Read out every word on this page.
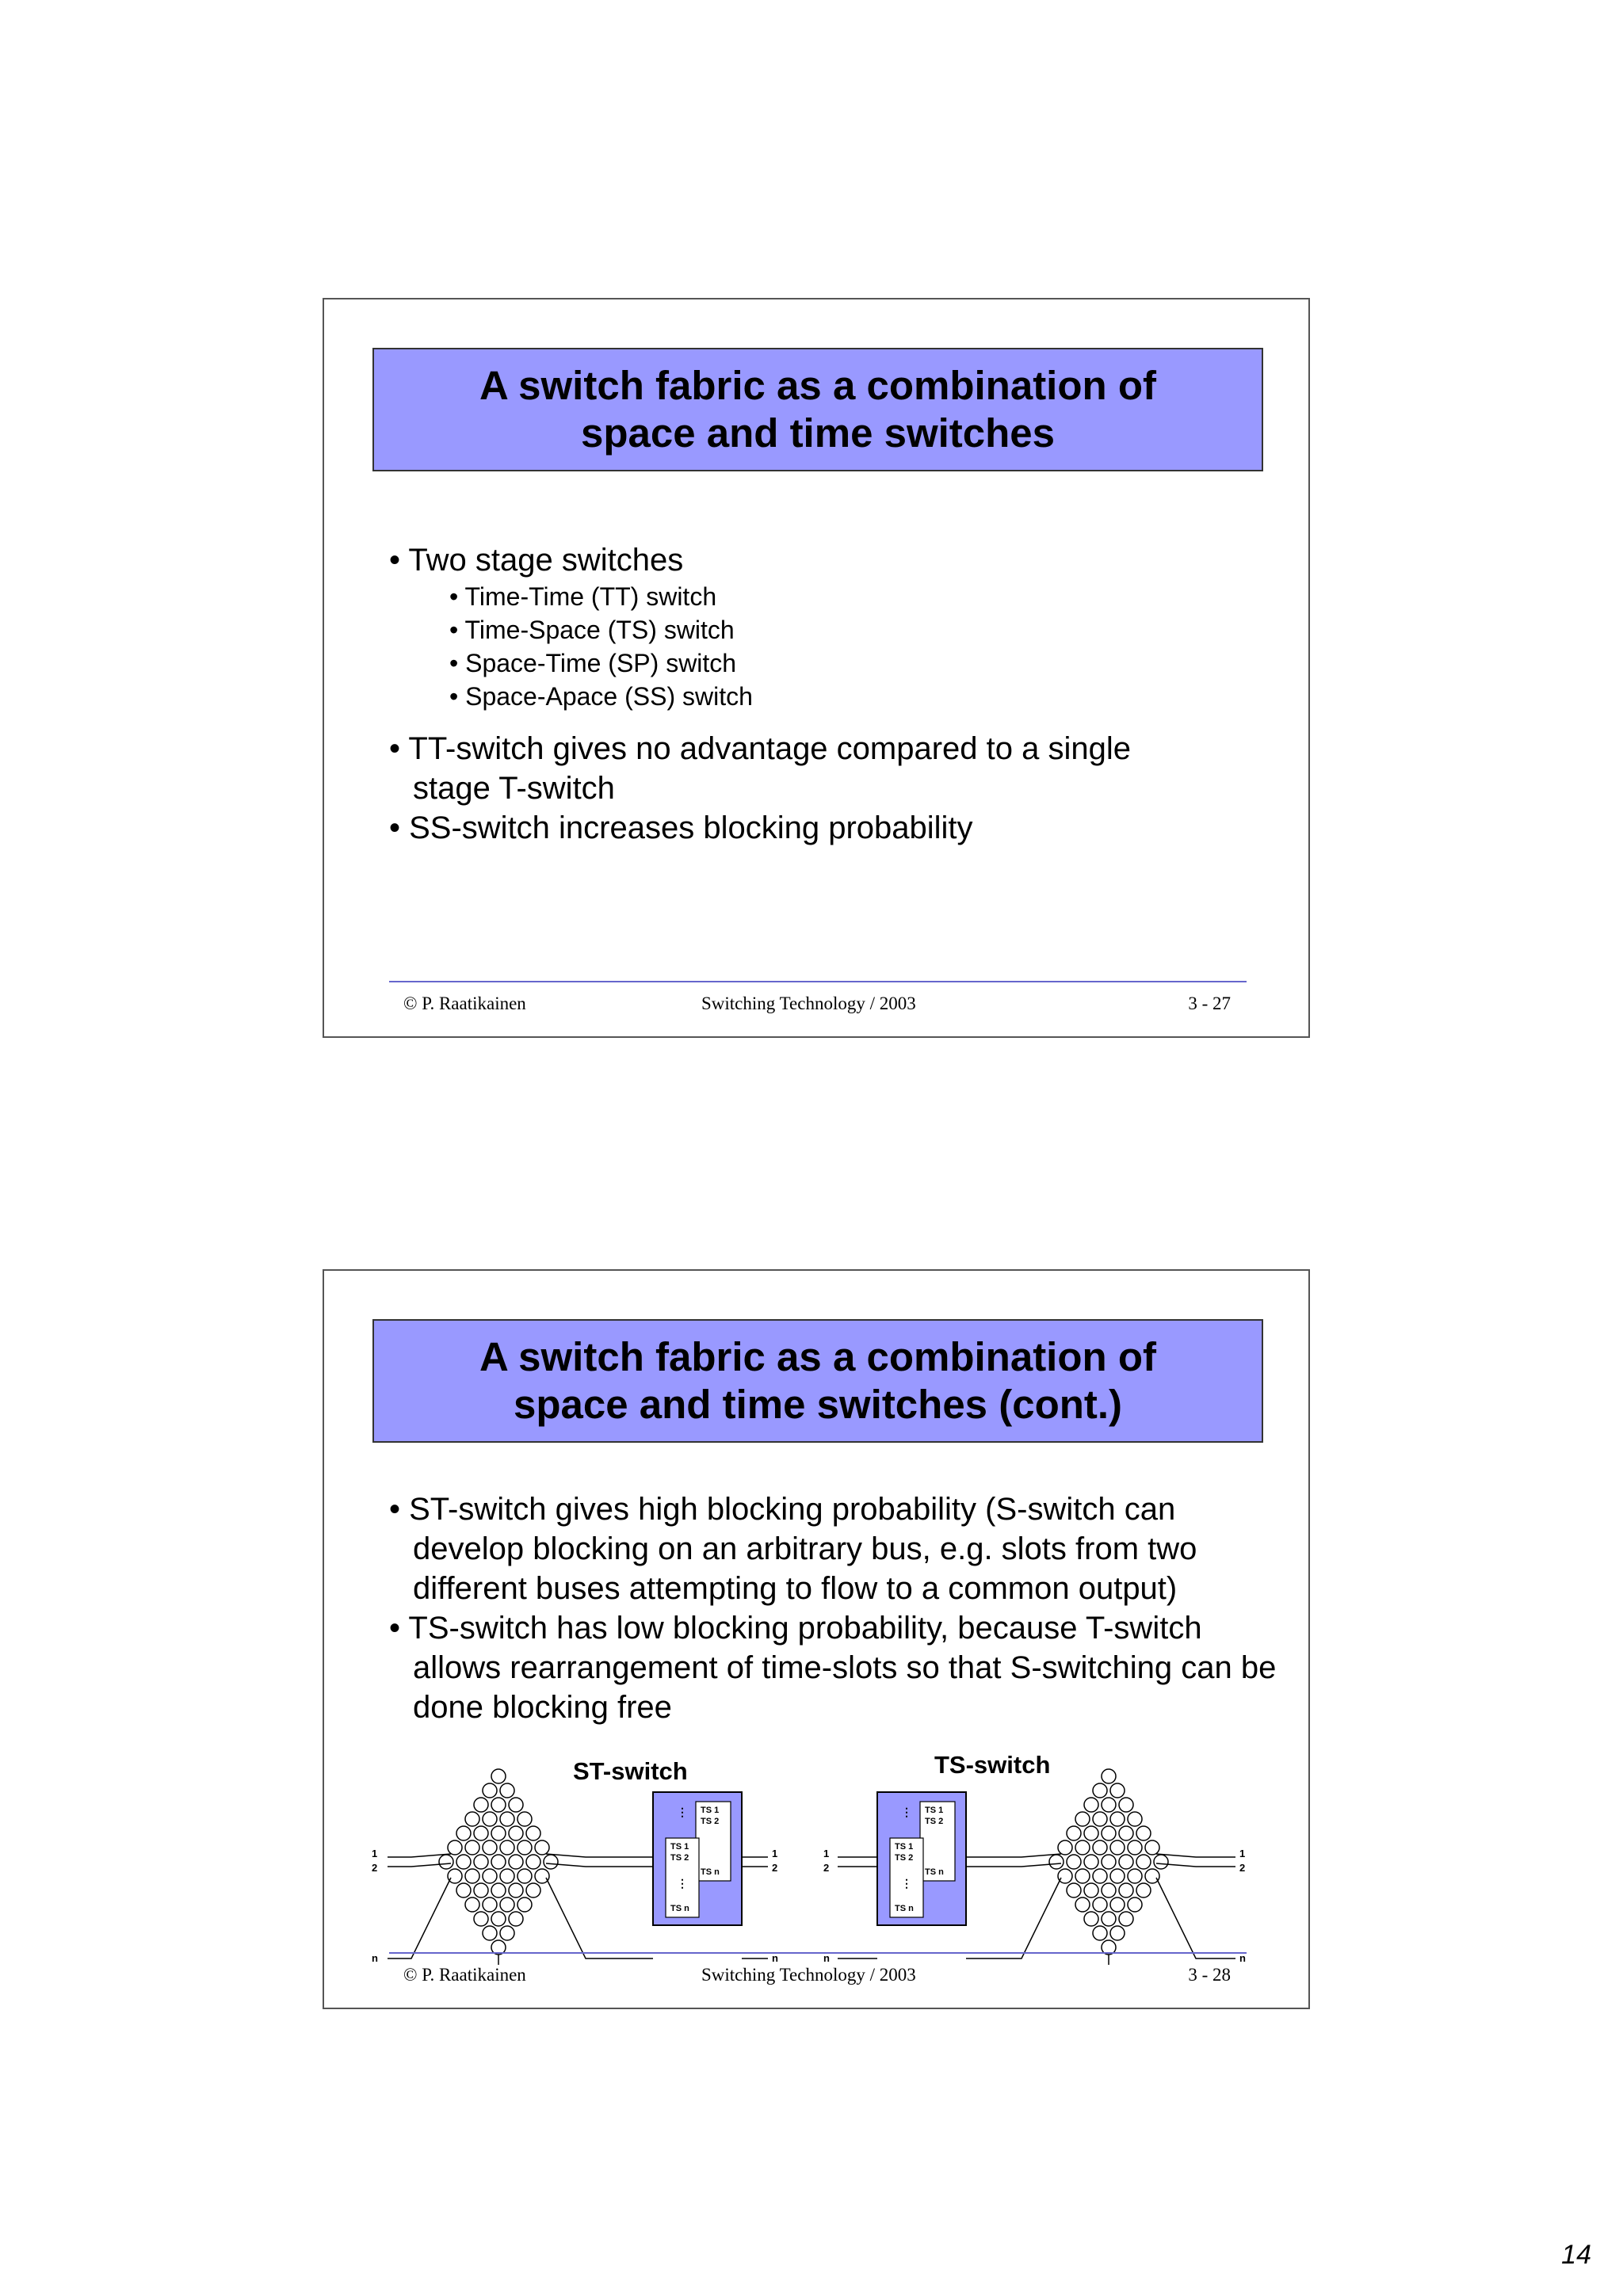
A switch fabric as a combination of
space and time switches
• Two stage switches
• Time-Time (TT) switch
• Time-Space (TS) switch
• Space-Time (SP) switch
• Space-Apace (SS) switch
• TT-switch gives no advantage compared to a single stage T-switch
• SS-switch increases blocking probability
© P. Raatikainen	Switching Technology / 2003	3 - 27
A switch fabric as a combination of
space and time switches (cont.)
• ST-switch gives high blocking probability (S-switch can develop blocking on an arbitrary bus, e.g. slots from two different buses attempting to flow to a common output)
• TS-switch has low blocking probability, because T-switch allows rearrangement of time-slots so that S-switching can be done blocking free
ST-switch	TS-switch
1
2
n
TS 1
TS 2
TS n
TS 1
TS 2
⋮
TS n
⋮
1
2
n
1
2
n
TS 1
TS 2
TS n
TS 1
TS 2
⋮
TS n
⋮
1
2
n
© P. Raatikainen	Switching Technology / 2003	3 - 28
14
